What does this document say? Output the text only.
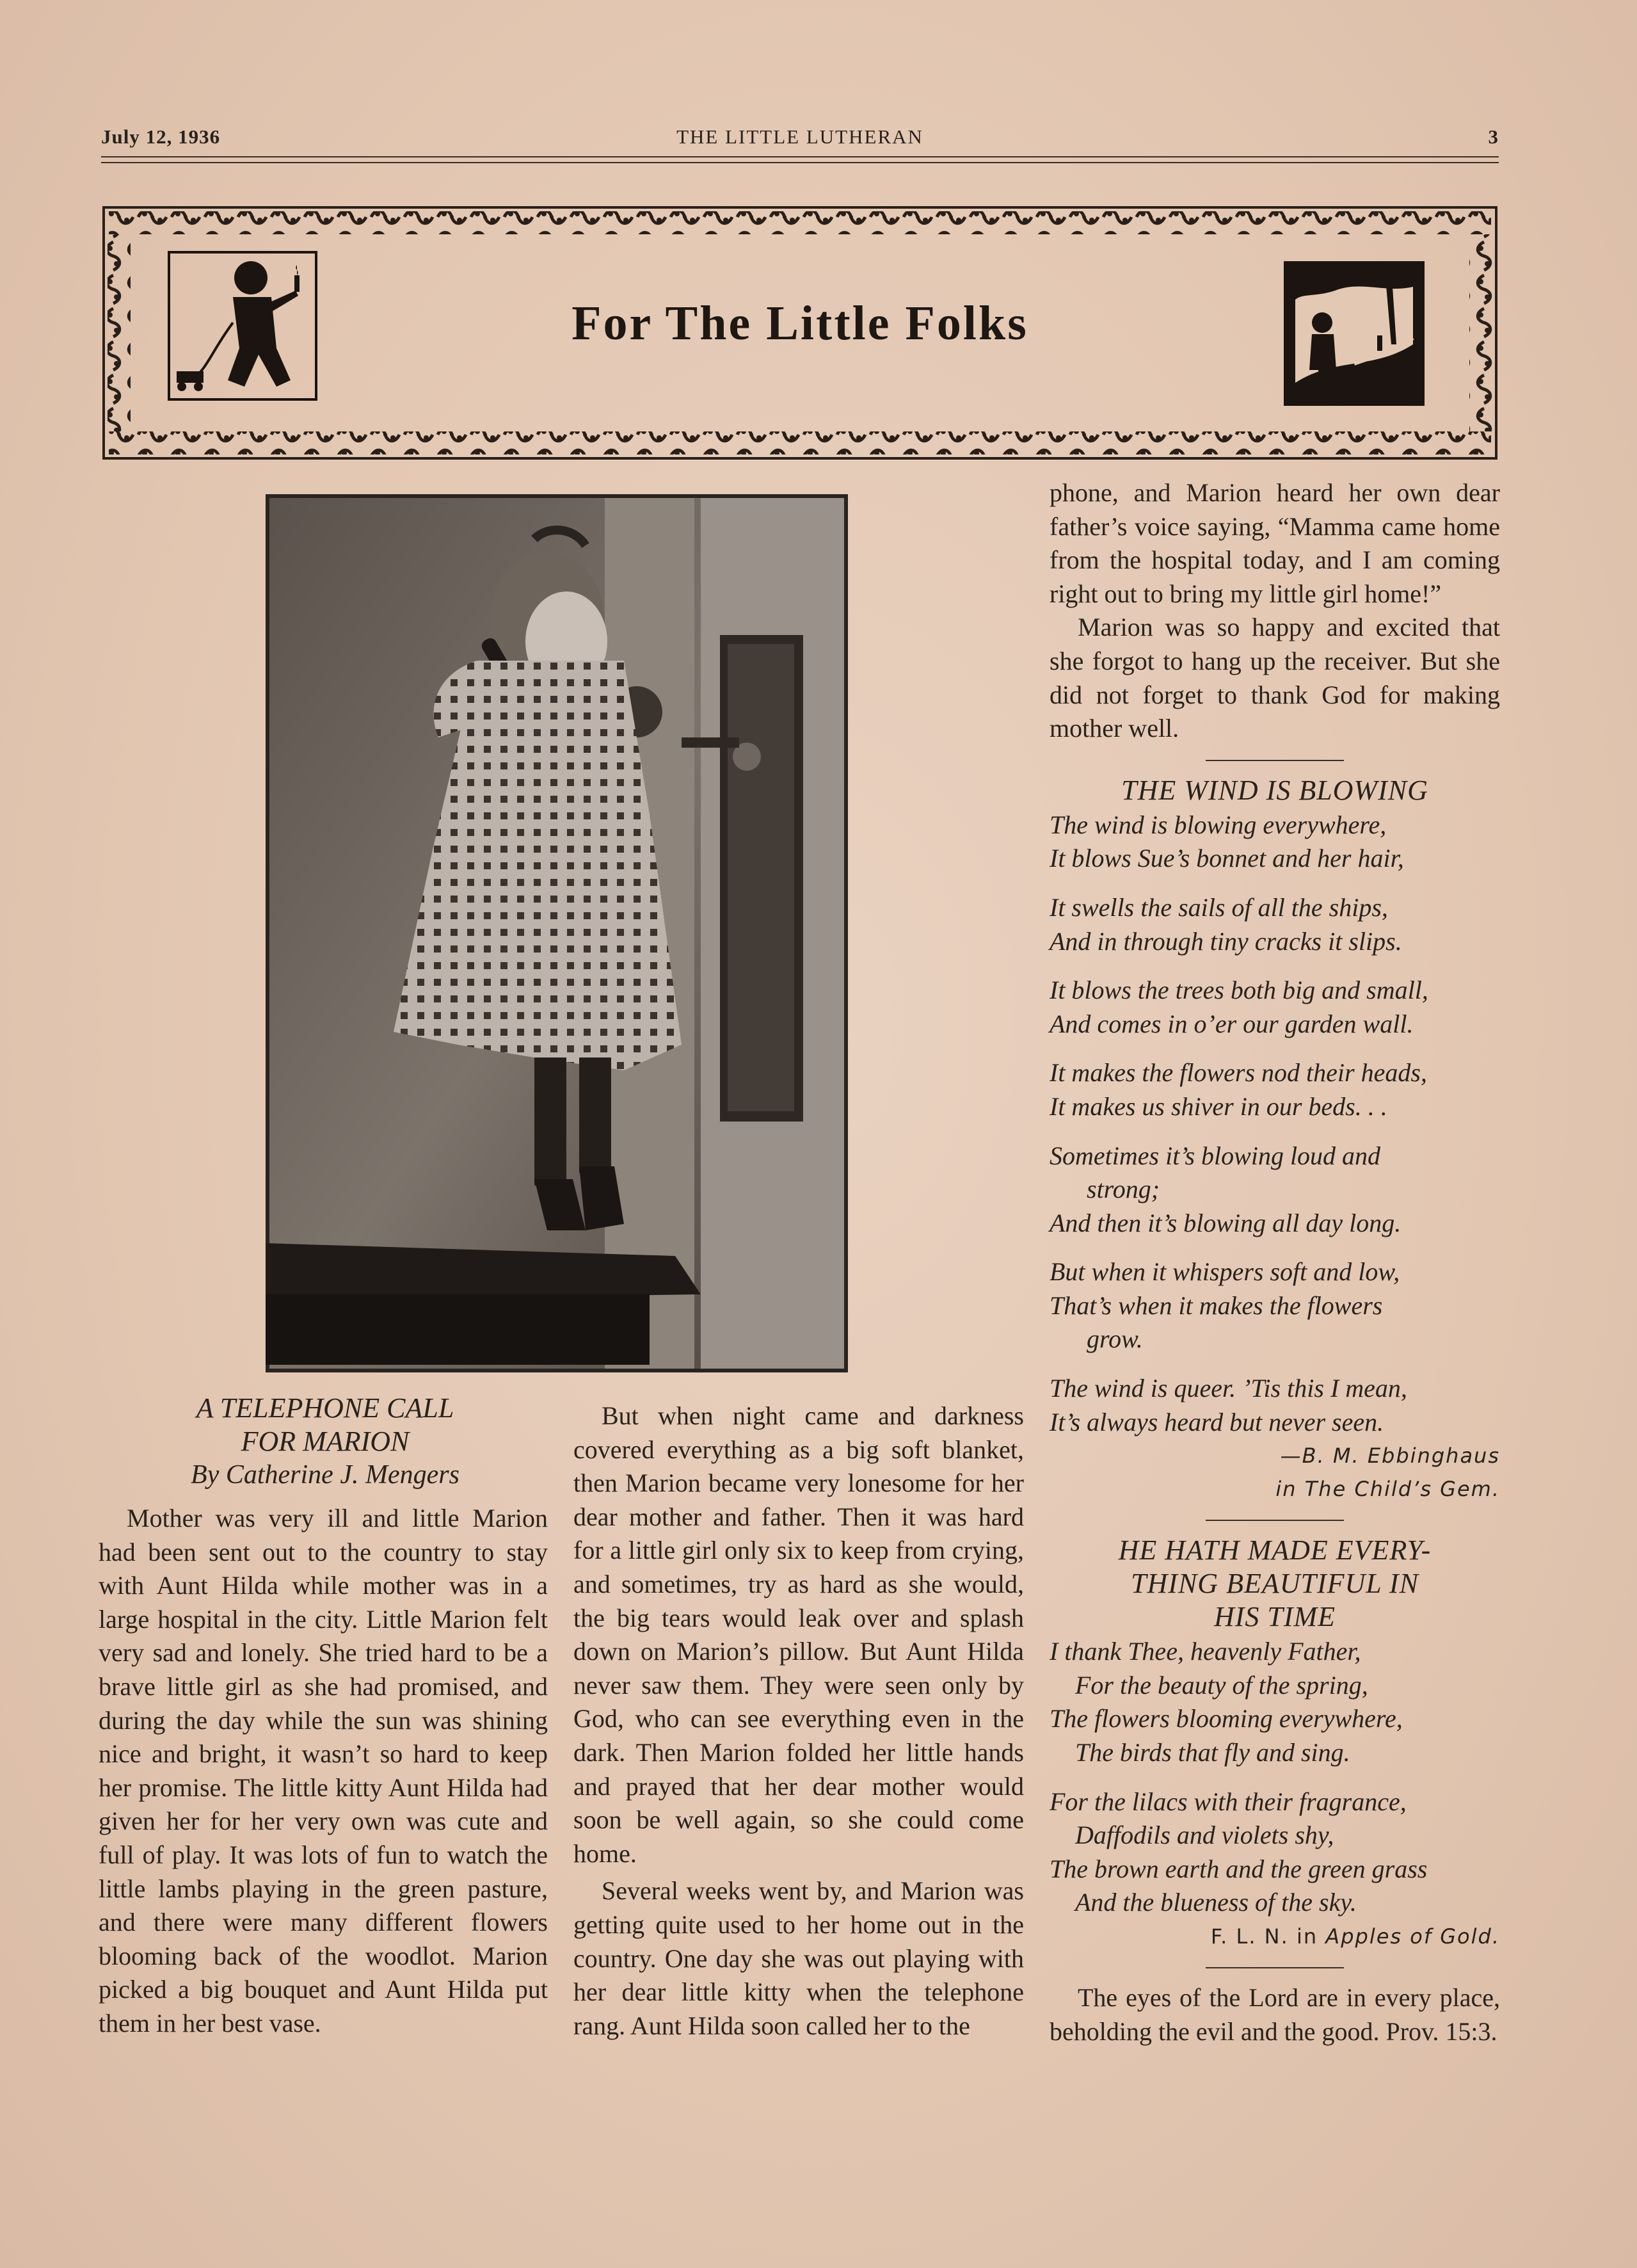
July 12, 1936	THE LITTLE LUTHERAN	3
For The Little Folks
A TELEPHONE CALL
FOR MARION
By Catherine J. Mengers

Mother was very ill and little Marion had been sent out to the country to stay with Aunt Hilda while mother was in a large hospital in the city. Little Marion felt very sad and lonely. She tried hard to be a brave little girl as she had promised, and during the day while the sun was shining nice and bright, it wasn’t so hard to keep her promise. The little kitty Aunt Hilda had given her for her very own was cute and full of play. It was lots of fun to watch the little lambs playing in the green pasture, and there were many different flowers blooming back of the woodlot. Marion picked a big bouquet and Aunt Hilda put them in her best vase.

But when night came and darkness covered everything as a big soft blanket, then Marion became very lonesome for her dear mother and father. Then it was hard for a little girl only six to keep from crying, and sometimes, try as hard as she would, the big tears would leak over and splash down on Marion’s pillow. But Aunt Hilda never saw them. They were seen only by God, who can see everything even in the dark. Then Marion folded her little hands and prayed that her dear mother would soon be well again, so she could come home.

Several weeks went by, and Marion was getting quite used to her home out in the country. One day she was out playing with her dear little kitty when the telephone rang. Aunt Hilda soon called her to the

phone, and Marion heard her own dear father’s voice saying, “Mamma came home from the hospital today, and I am coming right out to bring my little girl home!”

Marion was so happy and excited that she forgot to hang up the receiver. But she did not forget to thank God for making mother well.

THE WIND IS BLOWING
The wind is blowing everywhere,
It blows Sue’s bonnet and her hair,
It swells the sails of all the ships,
And in through tiny cracks it slips.
It blows the trees both big and small,
And comes in o’er our garden wall.
It makes the flowers nod their heads,
It makes us shiver in our beds. . .
Sometimes it’s blowing loud and
strong;
And then it’s blowing all day long.
But when it whispers soft and low,
That’s when it makes the flowers
grow.
The wind is queer. ’Tis this I mean,
It’s always heard but never seen.
—B. M. Ebbinghaus
in The Child’s Gem.
HE HATH MADE EVERY-
THING BEAUTIFUL IN
HIS TIME
I thank Thee, heavenly Father,
For the beauty of the spring,
The flowers blooming everywhere,
The birds that fly and sing.
For the lilacs with their fragrance,
Daffodils and violets shy,
The brown earth and the green grass
And the blueness of the sky.
F. L. N. in Apples of Gold.

The eyes of the Lord are in every place, beholding the evil and the good. Prov. 15:3.
